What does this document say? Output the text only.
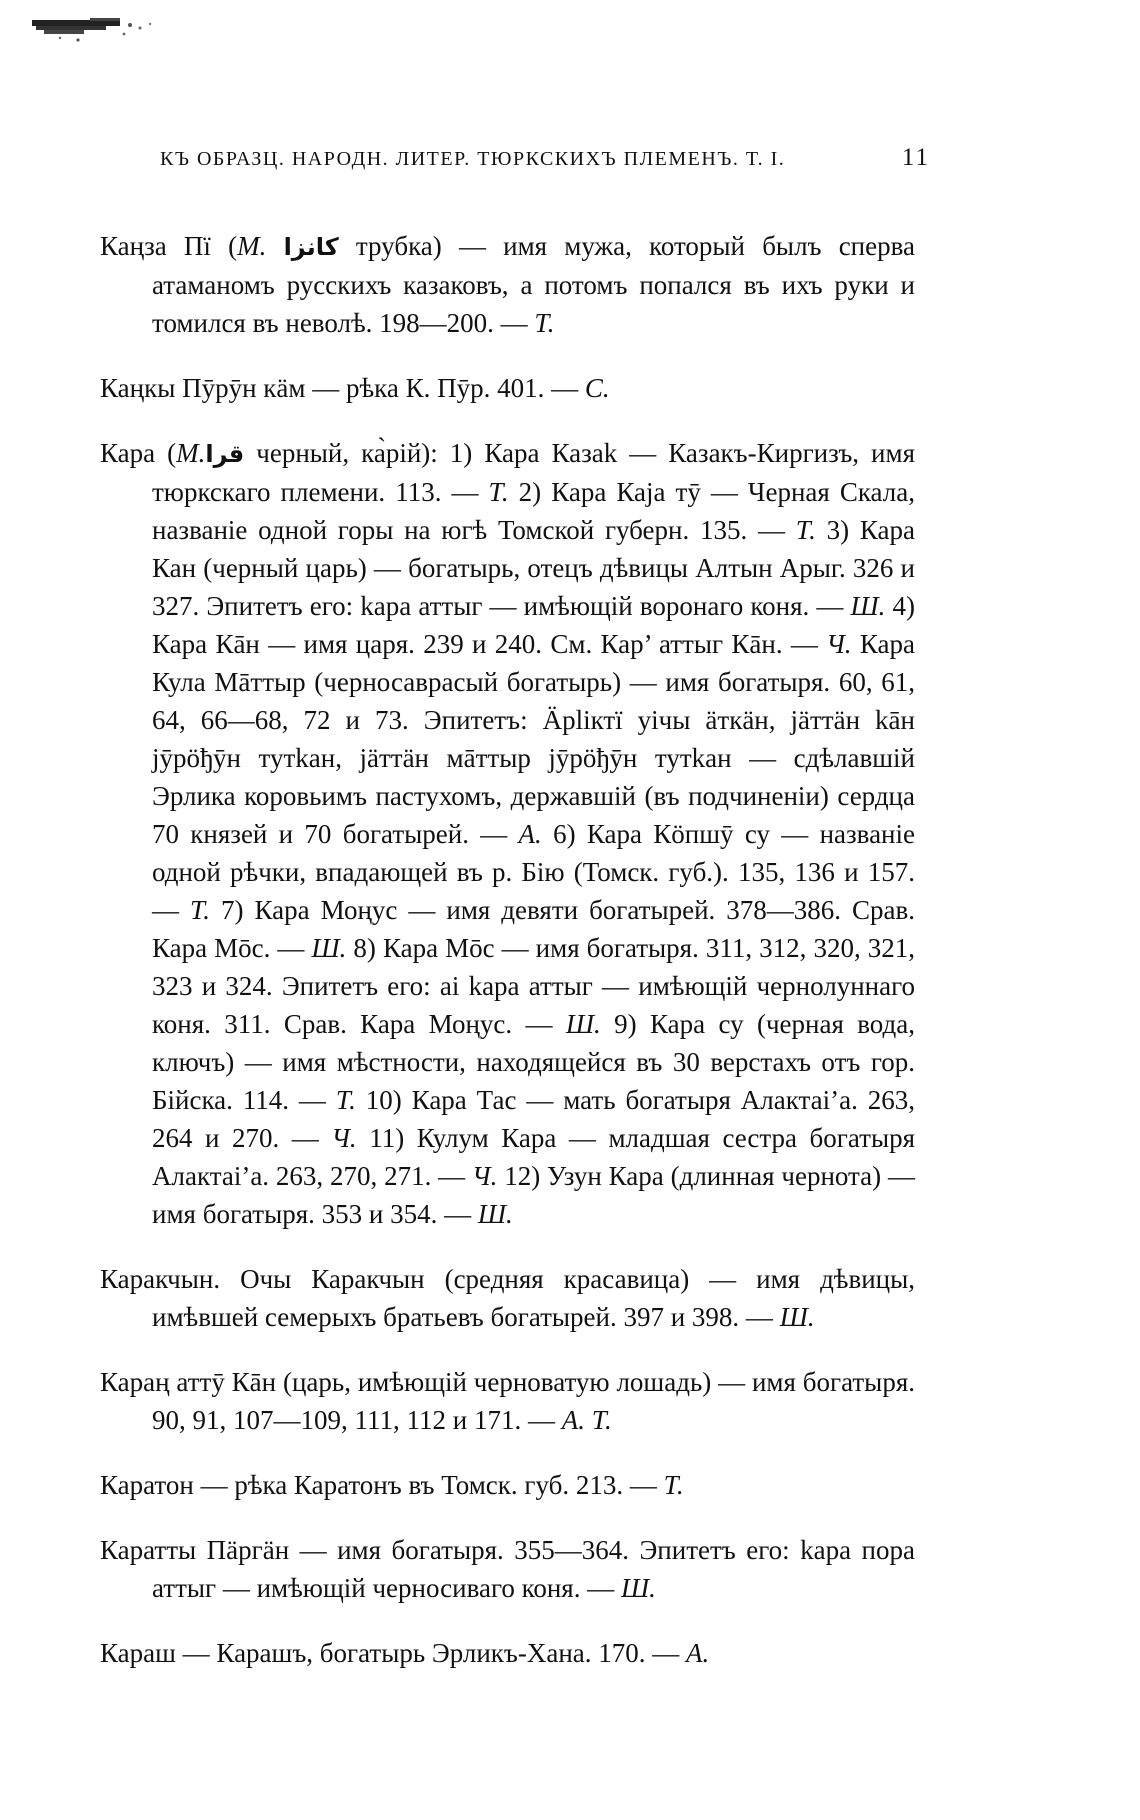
КЪ ОБРАЗЦ. НАРОДН. ЛИТЕР. ТЮРКСКИХЪ ПЛЕМЕНЪ. Т. I.	11

Каңза Пï (М. كانزا трубка) — имя мужа, который былъ сперва атаманомъ русскихъ казаковъ, а потомъ попался въ ихъ руки и томился въ неволѣ. 198—200. — Т.

Каңкы Пӯрӯн кäм — рѣка К. Пӯр. 401. — С.

Кара (М.قرا черный, ка̀рій): 1) Кара Казаk — Казакъ-Киргизъ, имя тюркскаго племени. 113. — Т. 2) Кара Каја тӯ — Черная Скала, названіе одной горы на югѣ Томской губерн. 135. — Т. 3) Кара Кан (черный царь) — богатырь, отецъ дѣвицы Алтын Арыг. 326 и 327. Эпитетъ его: kара аттыг — имѣющій воронаго коня. — Ш. 4) Кара Кāн — имя царя. 239 и 240. См. Кар’ аттыг Кāн. — Ч. Кара Кула Мāттыр (черносаврасый богатырь) — имя богатыря. 60, 61, 64, 66—68, 72 и 73. Эпитетъ: Äрlіктï уічы äткäн, јäттäн kāн јӯрӧђӯн тутkан, јäттäн мāттыр јӯрӧђӯн тутkан — сдѣлавшій Эрлика коровьимъ пастухомъ, державшій (въ подчиненіи) сердца 70 князей и 70 богатырей. — А. 6) Кара Кӧпшӯ су — названіе одной рѣчки, впадающей въ р. Бію (Томск. губ.). 135, 136 и 157. — Т. 7) Кара Моңус — имя девяти богатырей. 378—386. Срав. Кара Мōс. — Ш. 8) Кара Мōс — имя богатыря. 311, 312, 320, 321, 323 и 324. Эпитетъ его: аі kара аттыг — имѣющій чернолуннаго коня. 311. Срав. Кара Моңус. — Ш. 9) Кара су (черная вода, ключъ) — имя мѣстности, находящейся въ 30 верстахъ отъ гор. Бійска. 114. — Т. 10) Кара Тас — мать богатыря Алактаі’а. 263, 264 и 270. — Ч. 11) Кулум Кара — младшая сестра богатыря Алактаі’а. 263, 270, 271. — Ч. 12) Узун Кара (длинная чернота) — имя богатыря. 353 и 354. — Ш.

Каракчын. Очы Каракчын (средняя красавица) — имя дѣвицы, имѣвшей семерыхъ братьевъ богатырей. 397 и 398. — Ш.

Караң аттӯ Кāн (царь, имѣющій черноватую лошадь) — имя богатыря. 90, 91, 107—109, 111, 112 и 171. — А. Т.

Каратон — рѣка Каратонъ въ Томск. губ. 213. — Т.

Каратты Пäргäн — имя богатыря. 355—364. Эпитетъ его: kара пора аттыг — имѣющій черносиваго коня. — Ш.

Караш — Карашъ, богатырь Эрликъ-Хана. 170. — А.
